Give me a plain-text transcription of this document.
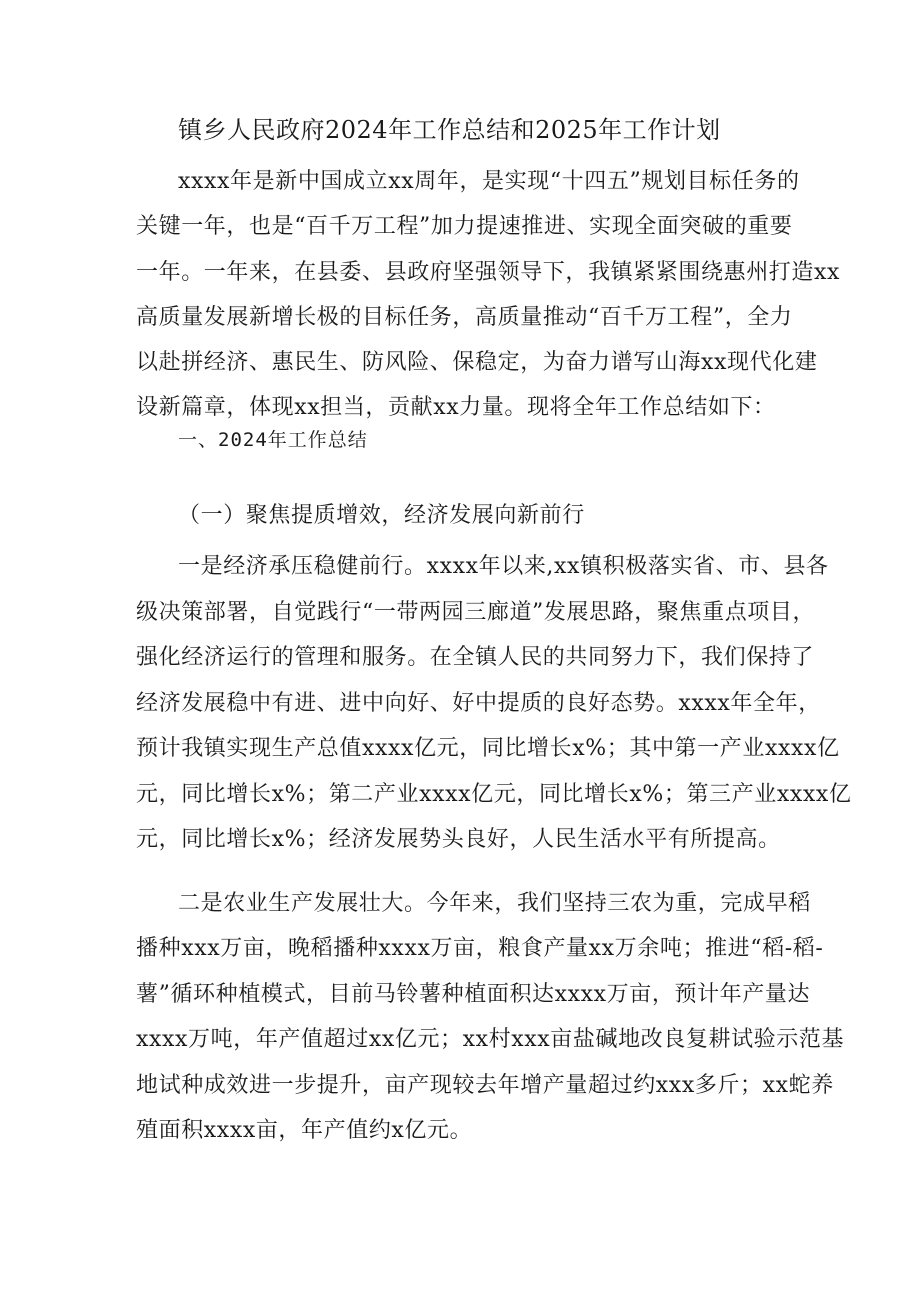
镇乡人民政府2024年工作总结和2025年工作计划
xxxx年是新中国成立xx周年，是实现“十四五”规划目标任务的
关键一年，也是“百千万工程”加力提速推进、实现全面突破的重要
一年。一年来，在县委、县政府坚强领导下，我镇紧紧围绕惠州打造xx
高质量发展新增长极的目标任务，高质量推动“百千万工程”，全力
以赴拼经济、惠民生、防风险、保稳定，为奋力谱写山海xx现代化建
设新篇章，体现xx担当，贡献xx力量。现将全年工作总结如下：
一、2024年工作总结
（一）聚焦提质增效，经济发展向新前行
一是经济承压稳健前行。xxxx年以来,xx镇积极落实省、市、县各
级决策部署，自觉践行“一带两园三廊道”发展思路，聚焦重点项目，
强化经济运行的管理和服务。在全镇人民的共同努力下，我们保持了
经济发展稳中有进、进中向好、好中提质的良好态势。xxxx年全年，
预计我镇实现生产总值xxxx亿元，同比增长x%；其中第一产业xxxx亿
元，同比增长x%；第二产业xxxx亿元，同比增长x%；第三产业xxxx亿
元，同比增长x%；经济发展势头良好，人民生活水平有所提高。
二是农业生产发展壮大。今年来，我们坚持三农为重，完成早稻
播种xxx万亩，晚稻播种xxxx万亩，粮食产量xx万余吨；推进“稻-稻-
薯”循环种植模式，目前马铃薯种植面积达xxxx万亩，预计年产量达
xxxx万吨，年产值超过xx亿元；xx村xxx亩盐碱地改良复耕试验示范基
地试种成效进一步提升，亩产现较去年增产量超过约xxx多斤；xx蛇养
殖面积xxxx亩，年产值约x亿元。
